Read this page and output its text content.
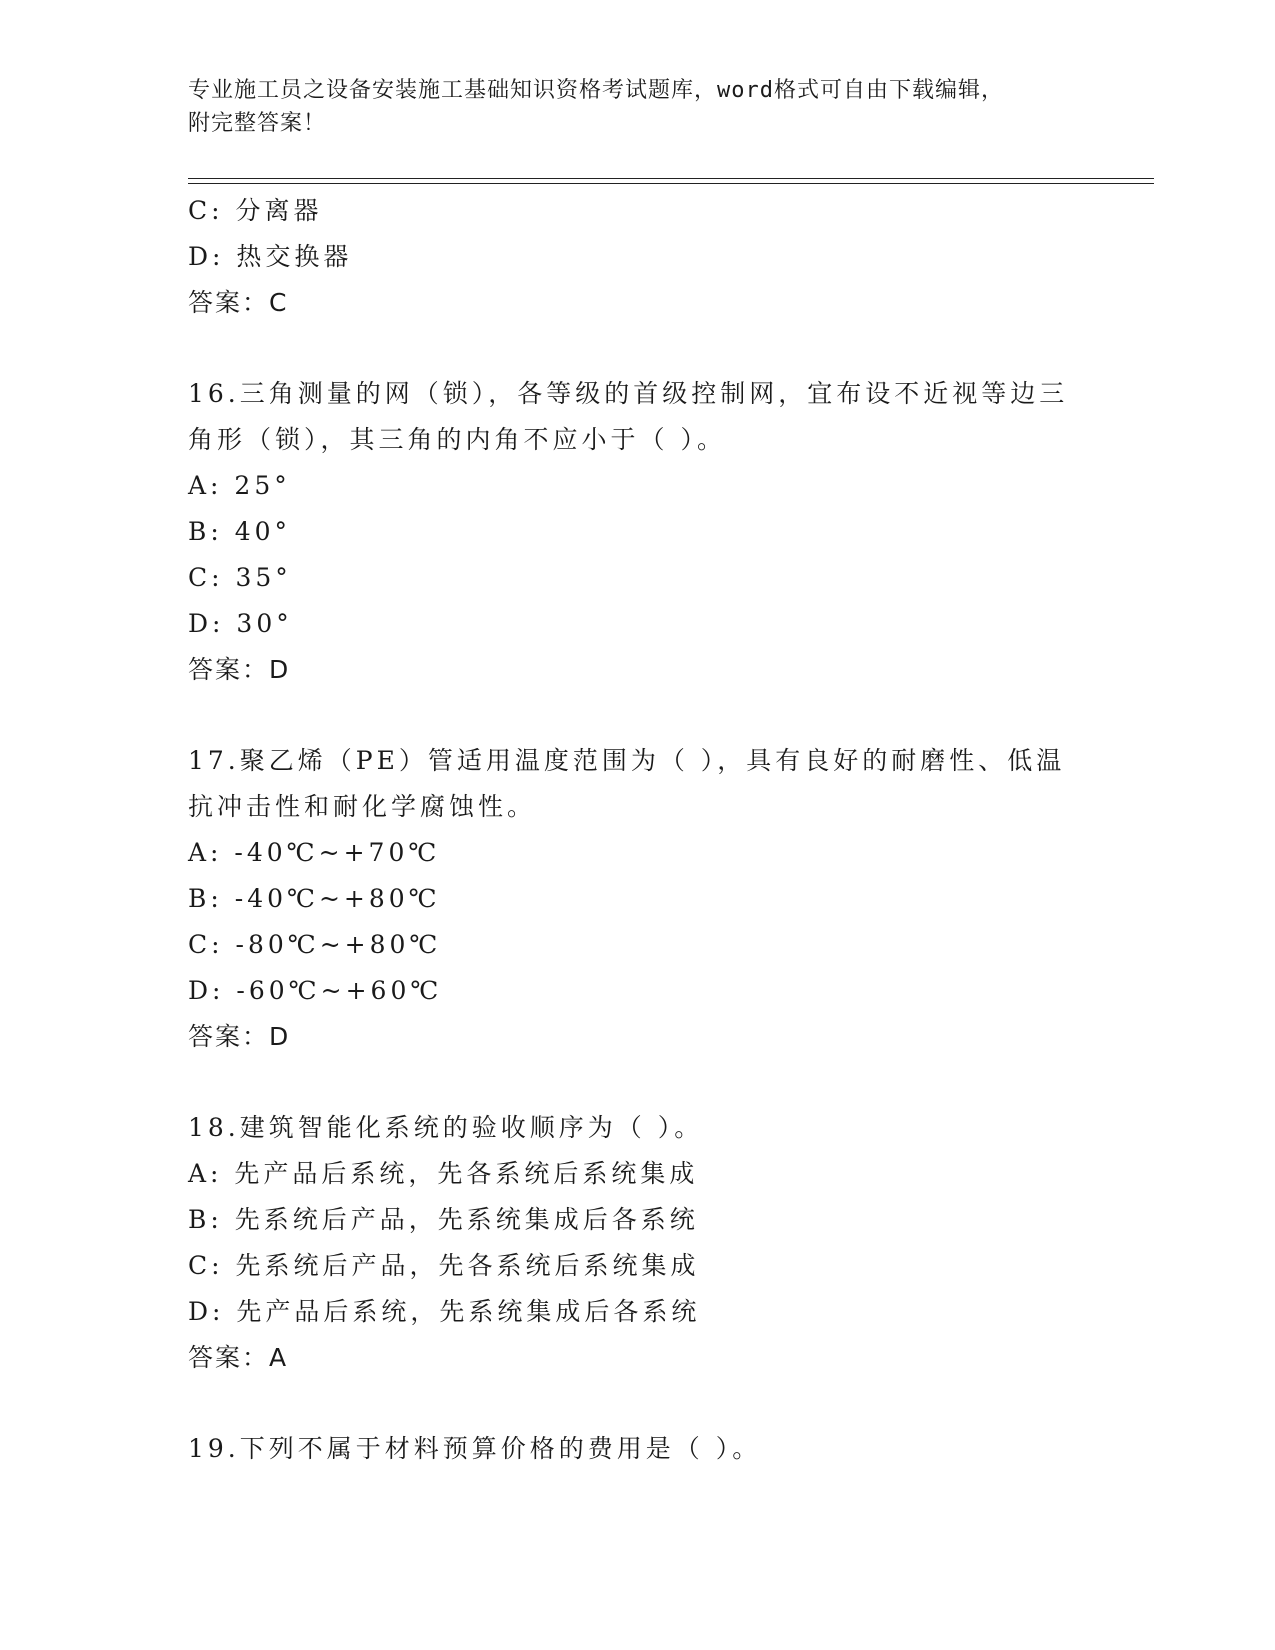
专业施工员之设备安装施工基础知识资格考试题库，word格式可自由下载编辑，
附完整答案！
C: 分离器
D: 热交换器
答案：C
16.三角测量的网（锁），各等级的首级控制网，宜布设不近视等边三
角形（锁），其三角的内角不应小于（ ）。
A: 25°
B: 40°
C: 35°
D: 30°
答案：D
17.聚乙烯（PE）管适用温度范围为（ ），具有良好的耐磨性、低温
抗冲击性和耐化学腐蚀性。
A: -40℃~+70℃
B: -40℃~+80℃
C: -80℃~+80℃
D: -60℃~+60℃
答案：D
18.建筑智能化系统的验收顺序为（ ）。
A: 先产品后系统，先各系统后系统集成
B: 先系统后产品，先系统集成后各系统
C: 先系统后产品，先各系统后系统集成
D: 先产品后系统，先系统集成后各系统
答案：A
19.下列不属于材料预算价格的费用是（ ）。
